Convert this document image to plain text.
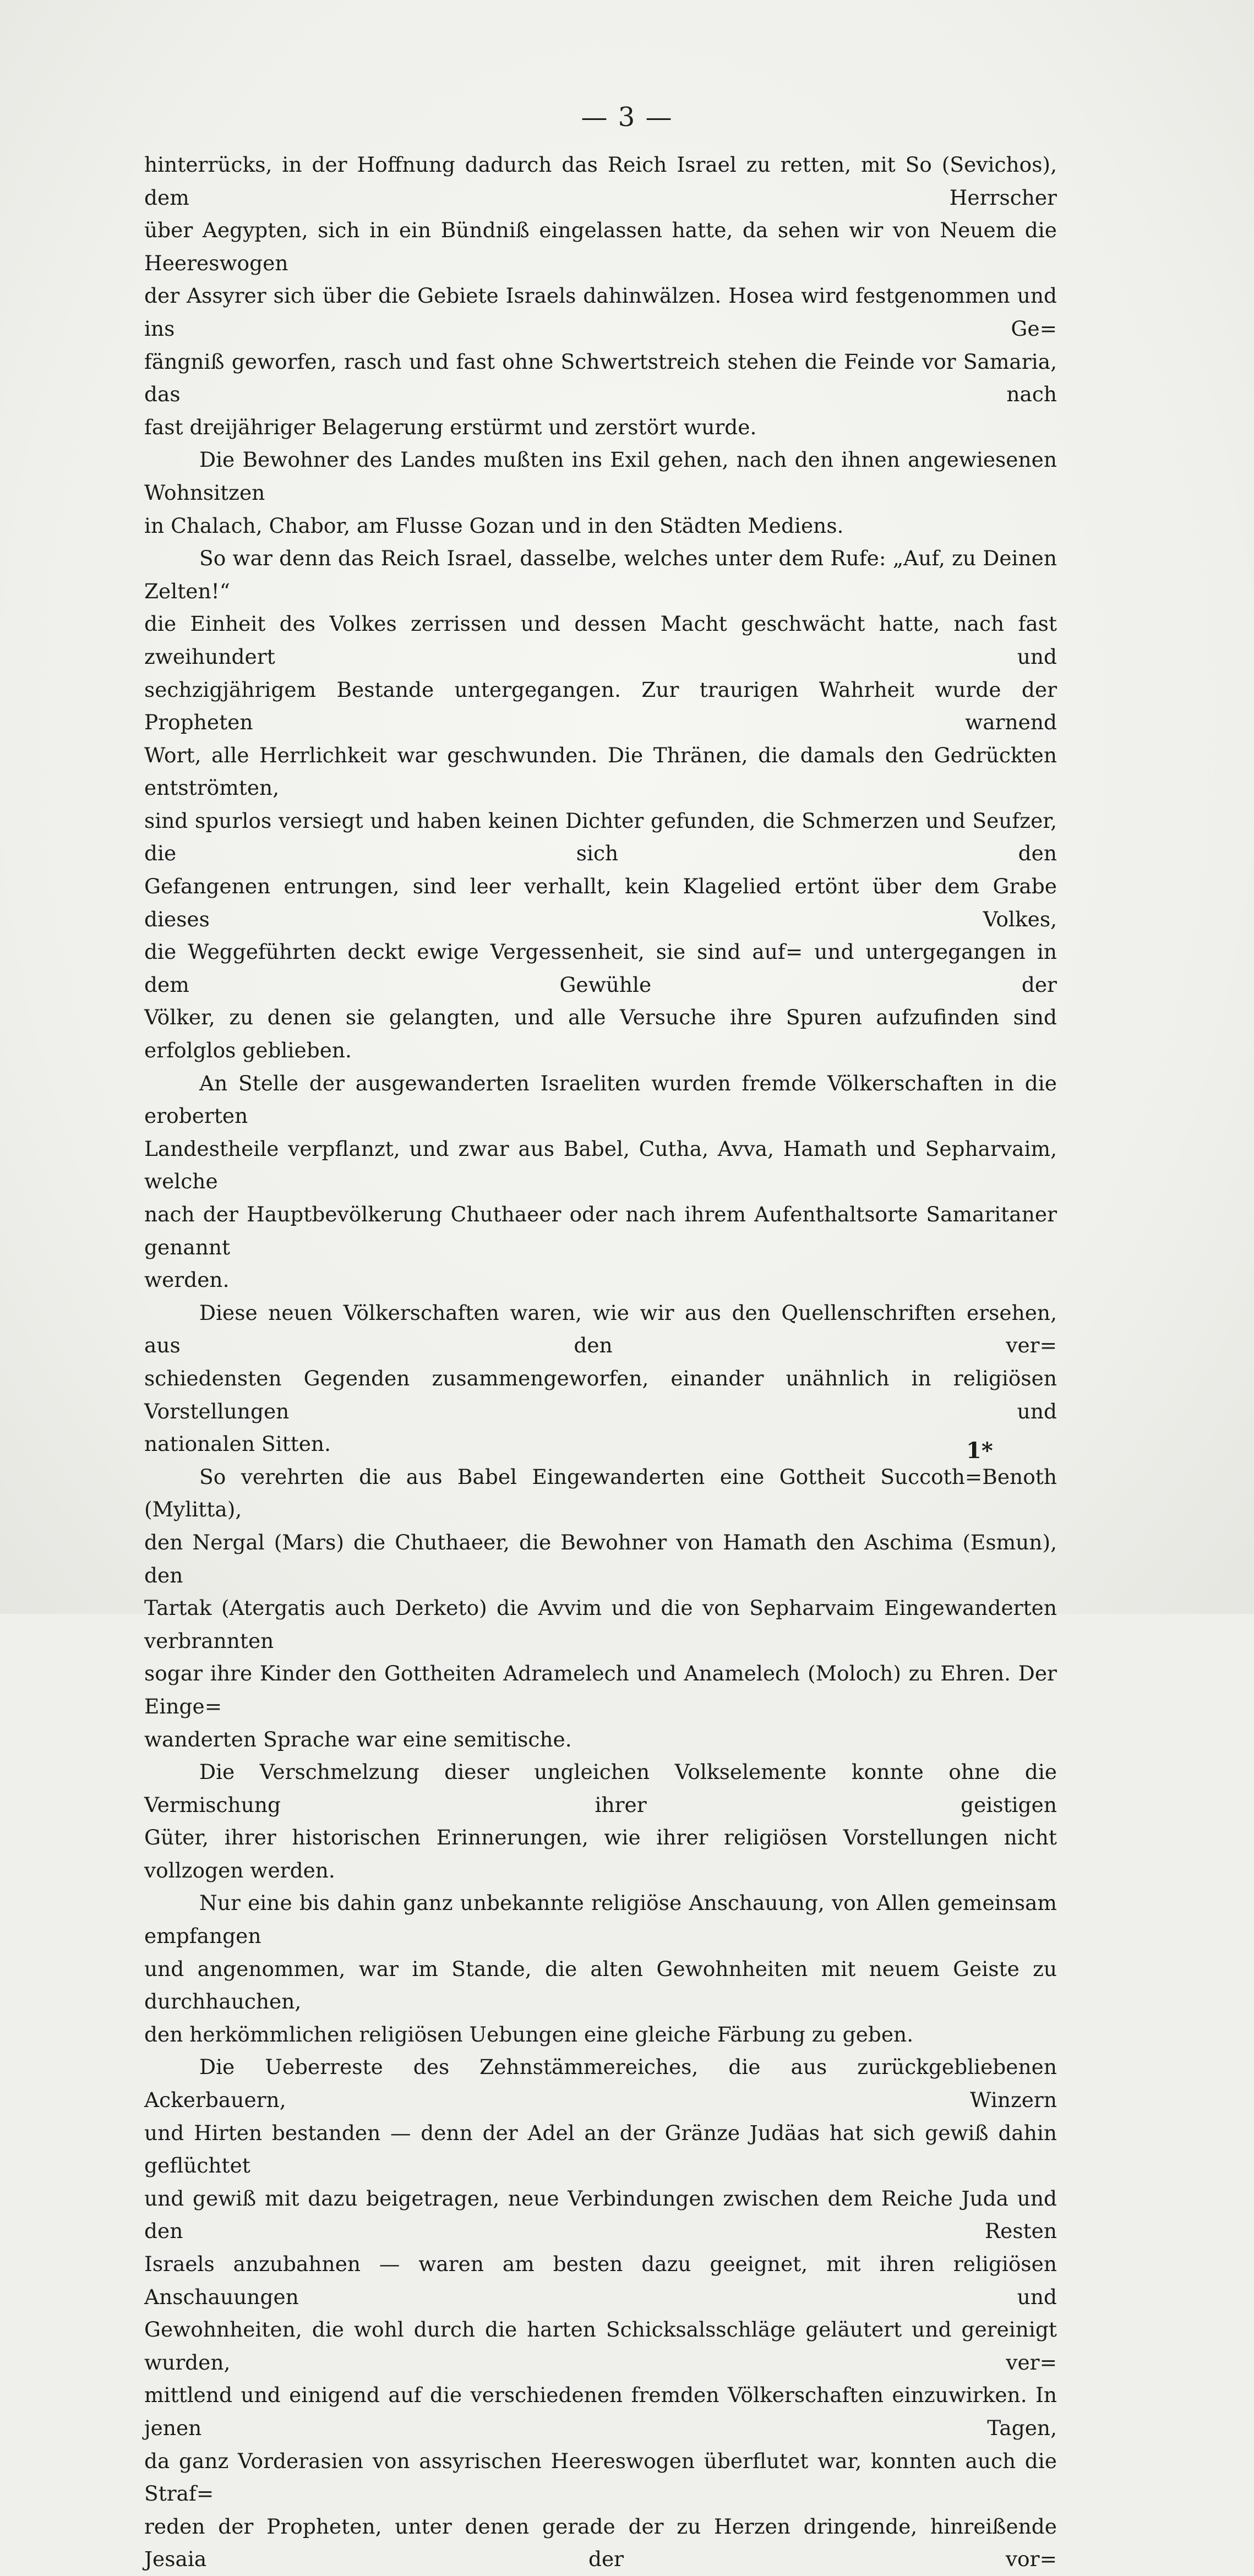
— 3 —

hinterrücks, in der Hoffnung dadurch das Reich Israel zu retten, mit So (Sevichos), dem Herrscher
über Aegypten, sich in ein Bündniß eingelassen hatte, da sehen wir von Neuem die Heereswogen
der Assyrer sich über die Gebiete Israels dahinwälzen. Hosea wird festgenommen und ins Ge=
fängniß geworfen, rasch und fast ohne Schwertstreich stehen die Feinde vor Samaria, das nach
fast dreijähriger Belagerung erstürmt und zerstört wurde.

Die Bewohner des Landes mußten ins Exil gehen, nach den ihnen angewiesenen Wohnsitzen
in Chalach, Chabor, am Flusse Gozan und in den Städten Mediens.

So war denn das Reich Israel, dasselbe, welches unter dem Rufe: „Auf, zu Deinen Zelten!“
die Einheit des Volkes zerrissen und dessen Macht geschwächt hatte, nach fast zweihundert und
sechzigjährigem Bestande untergegangen. Zur traurigen Wahrheit wurde der Propheten warnend
Wort, alle Herrlichkeit war geschwunden. Die Thränen, die damals den Gedrückten entströmten,
sind spurlos versiegt und haben keinen Dichter gefunden, die Schmerzen und Seufzer, die sich den
Gefangenen entrungen, sind leer verhallt, kein Klagelied ertönt über dem Grabe dieses Volkes,
die Weggeführten deckt ewige Vergessenheit, sie sind auf= und untergegangen in dem Gewühle der
Völker, zu denen sie gelangten, und alle Versuche ihre Spuren aufzufinden sind erfolglos geblieben.

An Stelle der ausgewanderten Israeliten wurden fremde Völkerschaften in die eroberten
Landestheile verpflanzt, und zwar aus Babel, Cutha, Avva, Hamath und Sepharvaim, welche
nach der Hauptbevölkerung Chuthaeer oder nach ihrem Aufenthaltsorte Samaritaner genannt
werden.

Diese neuen Völkerschaften waren, wie wir aus den Quellenschriften ersehen, aus den ver=
schiedensten Gegenden zusammengeworfen, einander unähnlich in religiösen Vorstellungen und
nationalen Sitten.

So verehrten die aus Babel Eingewanderten eine Gottheit Succoth=Benoth (Mylitta),
den Nergal (Mars) die Chuthaeer, die Bewohner von Hamath den Aschima (Esmun), den
Tartak (Atergatis auch Derketo) die Avvim und die von Sepharvaim Eingewanderten verbrannten
sogar ihre Kinder den Gottheiten Adramelech und Anamelech (Moloch) zu Ehren. Der Einge=
wanderten Sprache war eine semitische.

Die Verschmelzung dieser ungleichen Volkselemente konnte ohne die Vermischung ihrer geistigen
Güter, ihrer historischen Erinnerungen, wie ihrer religiösen Vorstellungen nicht vollzogen werden.

Nur eine bis dahin ganz unbekannte religiöse Anschauung, von Allen gemeinsam empfangen
und angenommen, war im Stande, die alten Gewohnheiten mit neuem Geiste zu durchhauchen,
den herkömmlichen religiösen Uebungen eine gleiche Färbung zu geben.

Die Ueberreste des Zehnstämmereiches, die aus zurückgebliebenen Ackerbauern, Winzern
und Hirten bestanden — denn der Adel an der Gränze Judäas hat sich gewiß dahin geflüchtet
und gewiß mit dazu beigetragen, neue Verbindungen zwischen dem Reiche Juda und den Resten
Israels anzubahnen — waren am besten dazu geeignet, mit ihren religiösen Anschauungen und
Gewohnheiten, die wohl durch die harten Schicksalsschläge geläutert und gereinigt wurden, ver=
mittlend und einigend auf die verschiedenen fremden Völkerschaften einzuwirken. In jenen Tagen,
da ganz Vorderasien von assyrischen Heereswogen überflutet war, konnten auch die Straf=
reden der Propheten, unter denen gerade der zu Herzen dringende, hinreißende Jesaia der vor=

1*
